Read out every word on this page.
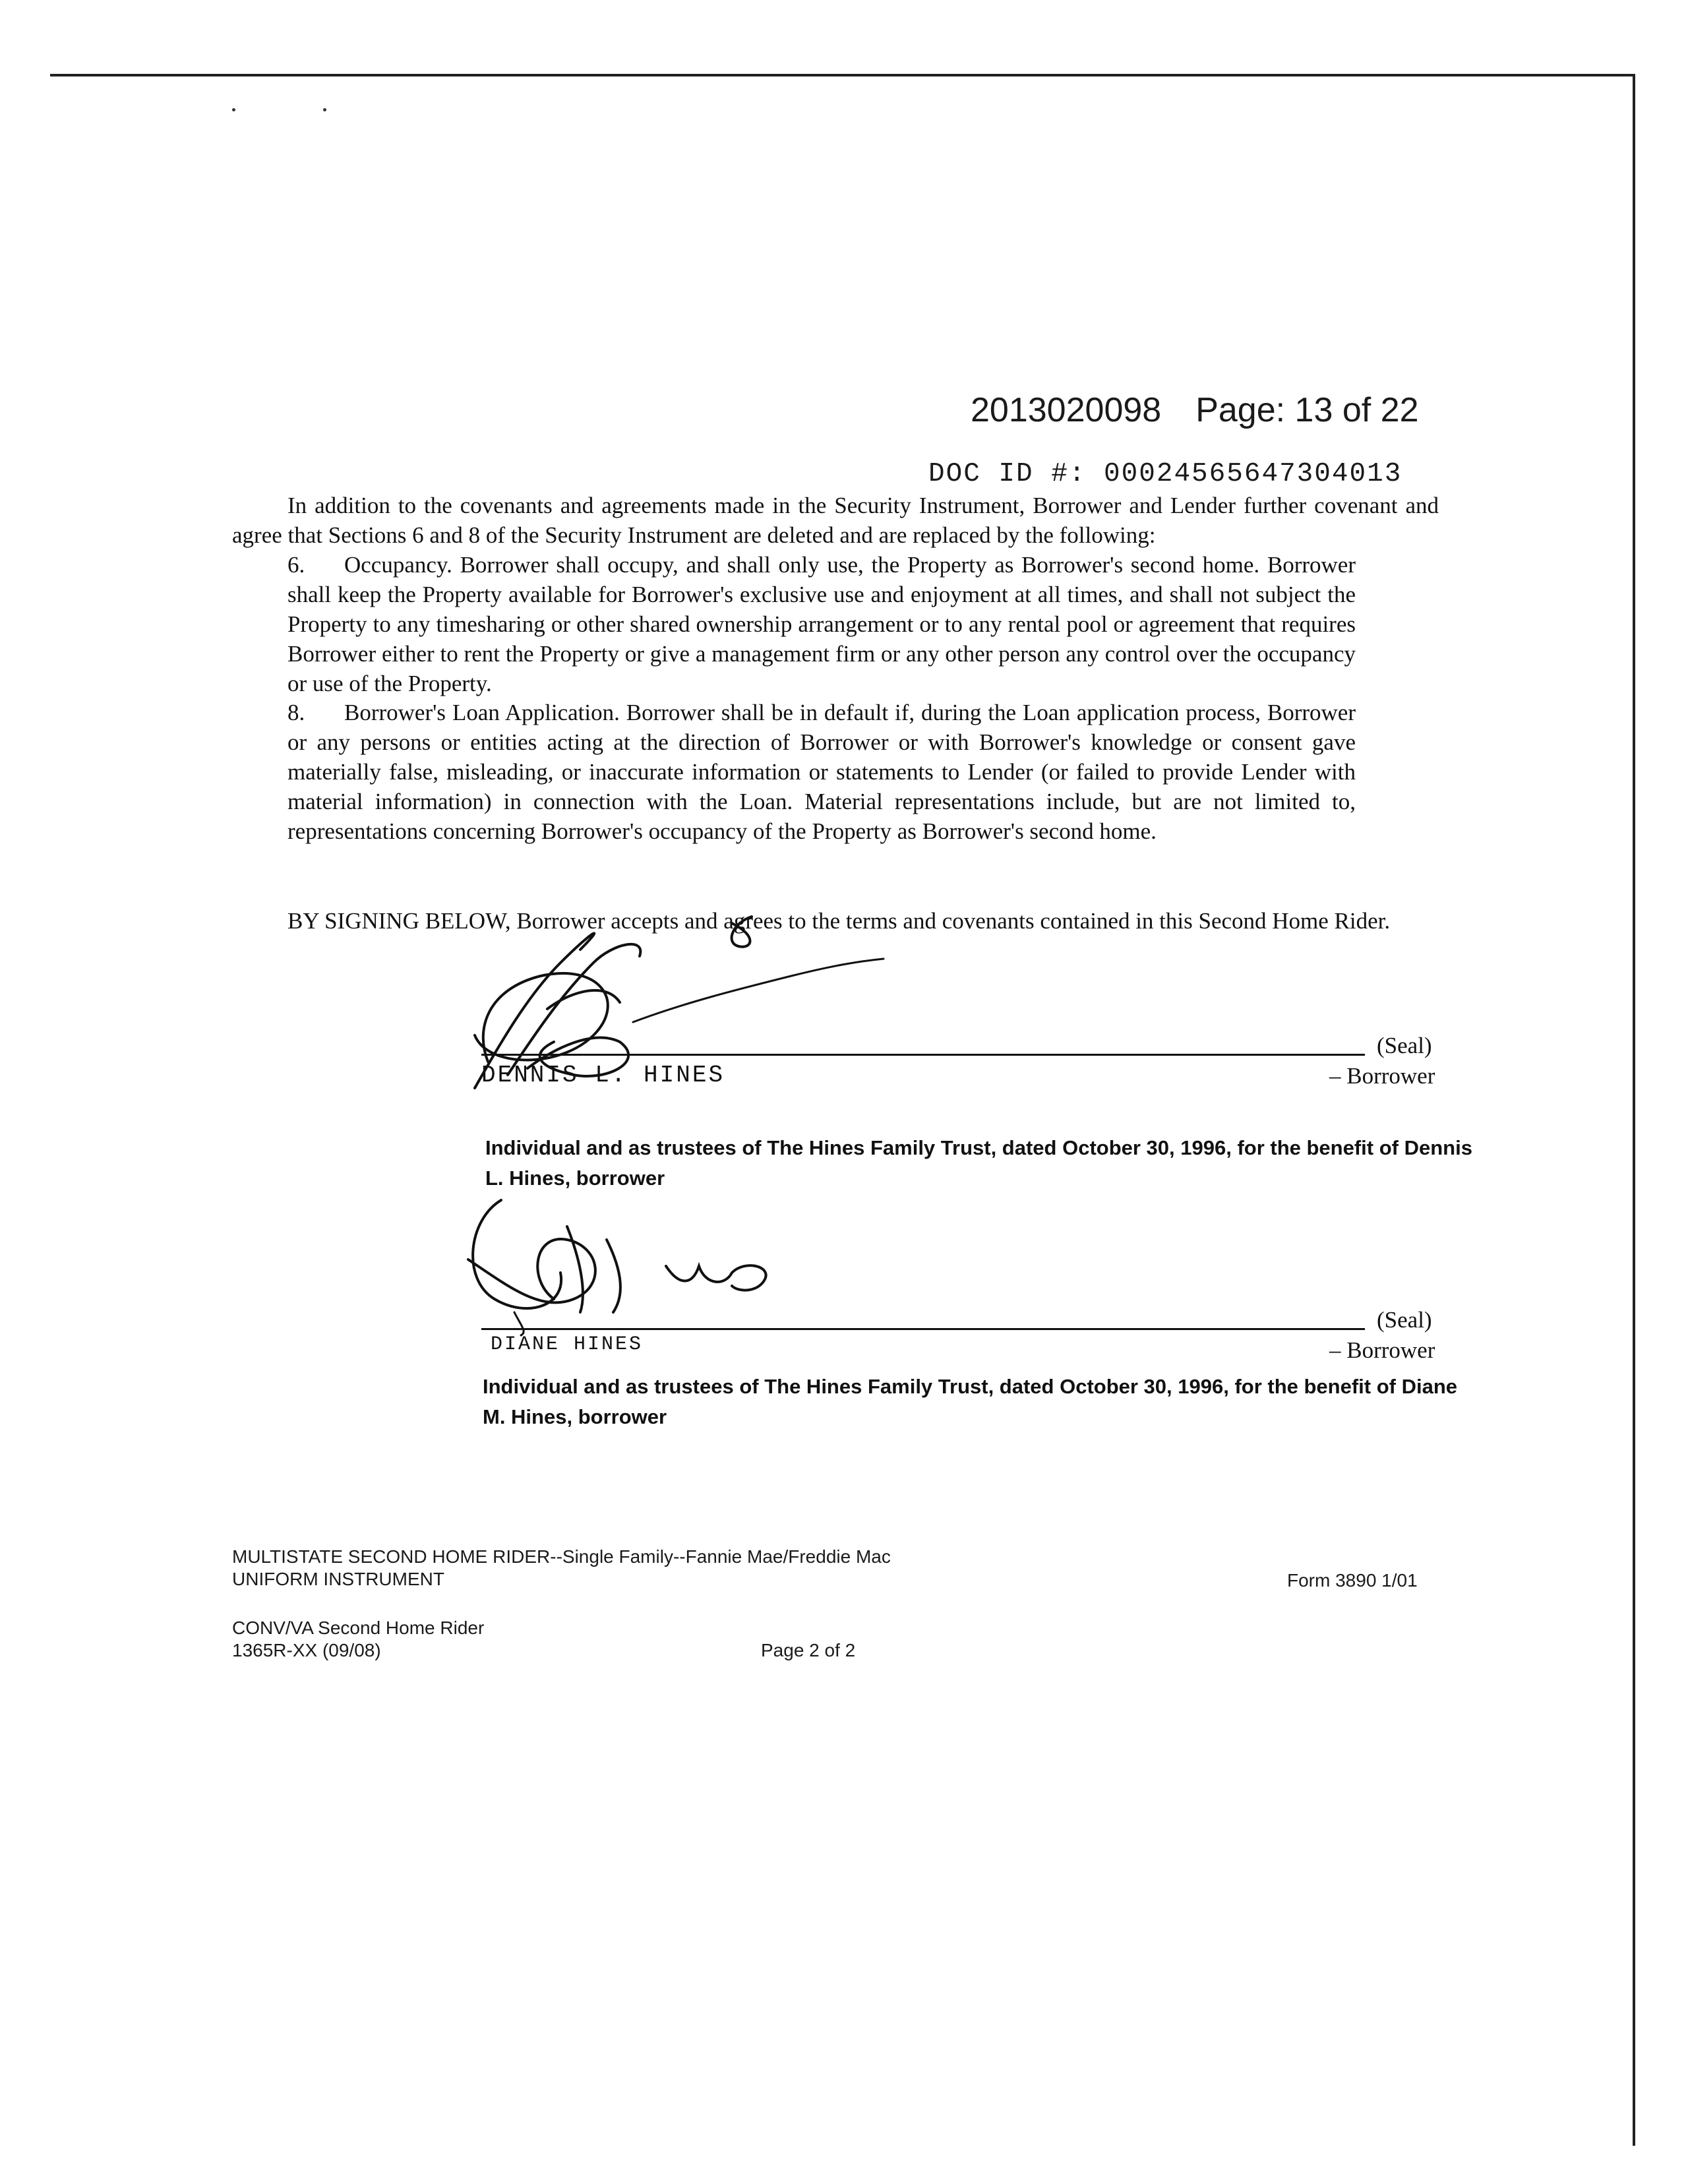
2013020098 Page: 13 of 22
DOC ID #: 00024565647304013
In addition to the covenants and agreements made in the Security Instrument, Borrower and Lender further covenant and agree that Sections 6 and 8 of the Security Instrument are deleted and are replaced by the following:
6. Occupancy. Borrower shall occupy, and shall only use, the Property as Borrower's second home. Borrower shall keep the Property available for Borrower's exclusive use and enjoyment at all times, and shall not subject the Property to any timesharing or other shared ownership arrangement or to any rental pool or agreement that requires Borrower either to rent the Property or give a management firm or any other person any control over the occupancy or use of the Property.
8. Borrower's Loan Application. Borrower shall be in default if, during the Loan application process, Borrower or any persons or entities acting at the direction of Borrower or with Borrower's knowledge or consent gave materially false, misleading, or inaccurate information or statements to Lender (or failed to provide Lender with material information) in connection with the Loan. Material representations include, but are not limited to, representations concerning Borrower's occupancy of the Property as Borrower's second home.
BY SIGNING BELOW, Borrower accepts and agrees to the terms and covenants contained in this Second Home Rider.
(Seal)
DENNIS L. HINES	– Borrower
Individual and as trustees of The Hines Family Trust, dated October 30, 1996, for the benefit of Dennis L. Hines, borrower
(Seal)
DIANE HINES	– Borrower
Individual and as trustees of The Hines Family Trust, dated October 30, 1996, for the benefit of Diane M. Hines, borrower
MULTISTATE SECOND HOME RIDER--Single Family--Fannie Mae/Freddie Mac
UNIFORM INSTRUMENT	Form 3890 1/01
CONV/VA Second Home Rider
1365R-XX (09/08)	Page 2 of 2
